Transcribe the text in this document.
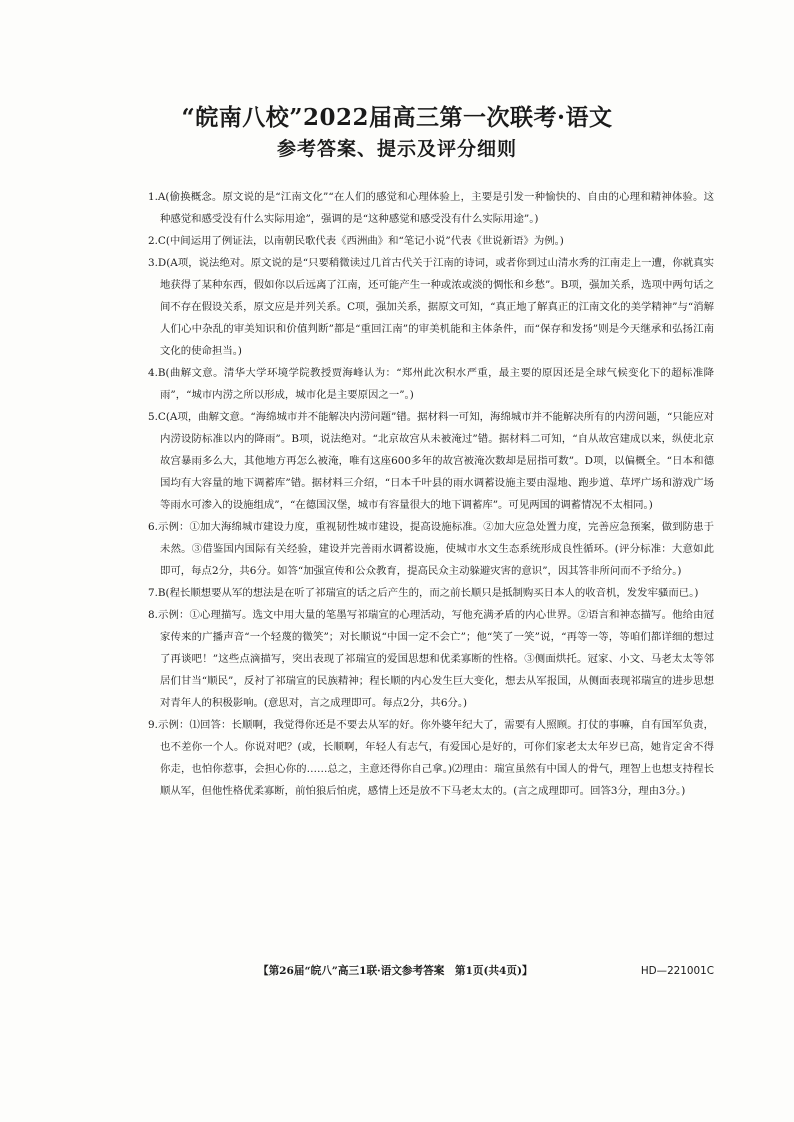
“皖南八校”2022届高三第一次联考·语文
参考答案、提示及评分细则

1.A(偷换概念。原文说的是“江南文化”“在人们的感觉和心理体验上，主要是引发一种愉快的、自由的心理和精神体验。这种感觉和感受没有什么实际用途”，强调的是“这种感觉和感受没有什么实际用途”。)

2.C(中间运用了例证法，以南朝民歌代表《西洲曲》和“笔记小说”代表《世说新语》为例。)

3.D(A项，说法绝对。原文说的是“只要稍微读过几首古代关于江南的诗词，或者你到过山清水秀的江南走上一遭，你就真实地获得了某种东西，假如你以后远离了江南，还可能产生一种或浓或淡的惆怅和乡愁”。B项，强加关系，选项中两句话之间不存在假设关系，原文应是并列关系。C项，强加关系，据原文可知，“真正地了解真正的江南文化的美学精神”与“消解人们心中杂乱的审美知识和价值判断”都是“重回江南”的审美机能和主体条件，而“保存和发扬”则是今天继承和弘扬江南文化的使命担当。)

4.B(曲解文意。清华大学环境学院教授贾海峰认为：“郑州此次积水严重，最主要的原因还是全球气候变化下的超标准降雨”，“城市内涝之所以形成，城市化是主要原因之一”。)

5.C(A项，曲解文意。“海绵城市并不能解决内涝问题”错。据材料一可知，海绵城市并不能解决所有的内涝问题，“只能应对内涝设防标准以内的降雨”。B项，说法绝对。“北京故宫从未被淹过”错。据材料二可知，“自从故宫建成以来，纵使北京故宫暴雨多么大，其他地方再怎么被淹，唯有这座600多年的故宫被淹次数却是屈指可数”。D项，以偏概全。“日本和德国均有大容量的地下调蓄库”错。据材料三介绍，“日本千叶县的雨水调蓄设施主要由湿地、跑步道、草坪广场和游戏广场等雨水可渗入的设施组成”，“在德国汉堡，城市有容量很大的地下调蓄库”。可见两国的调蓄情况不太相同。)

6.示例：①加大海绵城市建设力度，重视韧性城市建设，提高设施标准。②加大应急处置力度，完善应急预案，做到防患于未然。③借鉴国内国际有关经验，建设并完善雨水调蓄设施，使城市水文生态系统形成良性循环。(评分标准：大意如此即可，每点2分，共6分。如答“加强宣传和公众教育，提高民众主动躲避灾害的意识”，因其答非所问而不予给分。)

7.B(程长顺想要从军的想法是在听了祁瑞宣的话之后产生的，而之前长顺只是抵制购买日本人的收音机，发发牢骚而已。)

8.示例：①心理描写。选文中用大量的笔墨写祁瑞宣的心理活动，写他充满矛盾的内心世界。②语言和神态描写。他给由冠家传来的广播声音“一个轻蔑的微笑”；对长顺说“中国一定不会亡”；他“笑了一笑”说，“再等一等，等咱们都详细的想过了再谈吧！”这些点滴描写，突出表现了祁瑞宣的爱国思想和优柔寡断的性格。③侧面烘托。冠家、小文、马老太太等邻居们甘当“顺民”，反衬了祁瑞宣的民族精神；程长顺的内心发生巨大变化，想去从军报国，从侧面表现祁瑞宣的进步思想对青年人的积极影响。(意思对，言之成理即可。每点2分，共6分。)

9.示例：⑴回答：长顺啊，我觉得你还是不要去从军的好。你外婆年纪大了，需要有人照顾。打仗的事嘛，自有国军负责，也不差你一个人。你说对吧？(或，长顺啊，年轻人有志气，有爱国心是好的，可你们家老太太年岁已高，她肯定舍不得你走，也怕你惹事，会担心你的……总之，主意还得你自己拿。)⑵理由：瑞宣虽然有中国人的骨气，理智上也想支持程长顺从军，但他性格优柔寡断，前怕狼后怕虎，感情上还是放不下马老太太的。(言之成理即可。回答3分，理由3分。)

【第26届“皖八”高三1联·语文参考答案　第1页(共4页)】	HD—221001C
